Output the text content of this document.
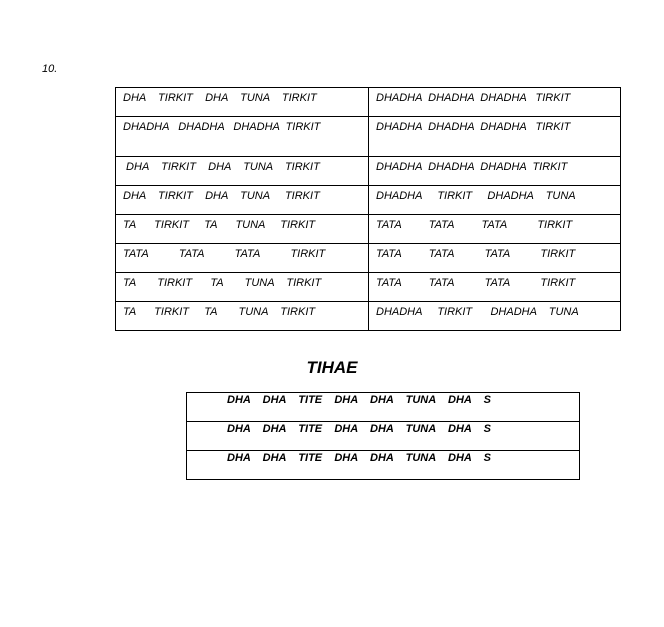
10.
DHA    TIRKIT    DHA    TUNA    TIRKIT	DHADHA  DHADHA  DHADHA   TIRKIT
DHADHA   DHADHA   DHADHA  TIRKIT	DHADHA  DHADHA  DHADHA   TIRKIT
DHA    TIRKIT    DHA    TUNA    TIRKIT	DHADHA  DHADHA  DHADHA  TIRKIT
DHA    TIRKIT    DHA    TUNA     TIRKIT	DHADHA     TIRKIT     DHADHA    TUNA
TA      TIRKIT     TA      TUNA     TIRKIT	TATA         TATA         TATA          TIRKIT
TATA          TATA          TATA          TIRKIT	TATA         TATA          TATA          TIRKIT
TA       TIRKIT      TA       TUNA    TIRKIT	TATA         TATA          TATA          TIRKIT
TA      TIRKIT     TA       TUNA    TIRKIT	DHADHA     TIRKIT      DHADHA    TUNA
TIHAE
DHA    DHA    TITE    DHA    DHA    TUNA    DHA    S
DHA    DHA    TITE    DHA    DHA    TUNA    DHA    S
DHA    DHA    TITE    DHA    DHA    TUNA    DHA    S
